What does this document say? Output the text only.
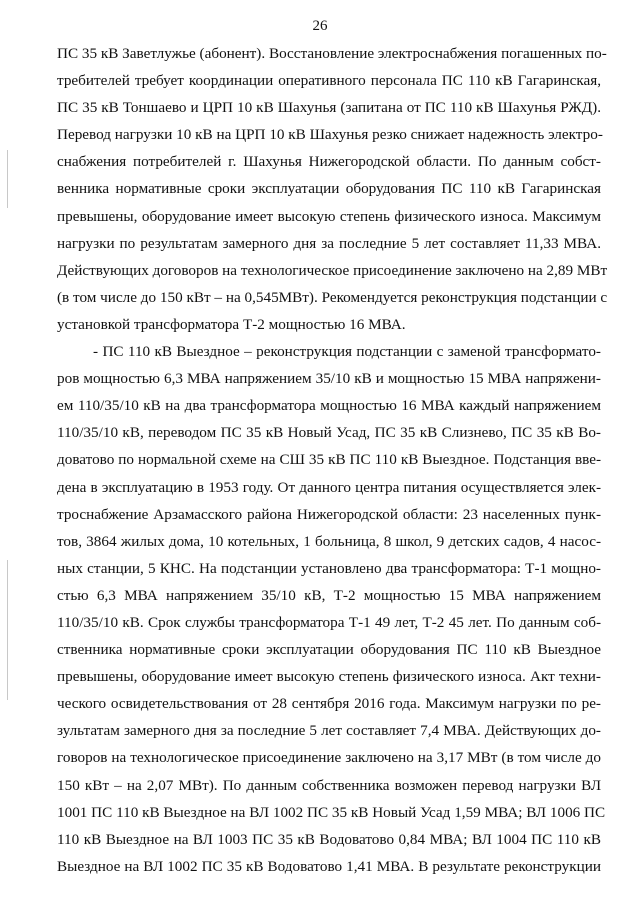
26
ПС 35 кВ Заветлужье (абонент). Восстановление электроснабжения погашенных по-
требителей требует координации оперативного персонала ПС 110 кВ Гагаринская,
ПС 35 кВ Тоншаево и ЦРП 10 кВ Шахунья (запитана от ПС 110 кВ Шахунья РЖД).
Перевод нагрузки 10 кВ на ЦРП 10 кВ Шахунья резко снижает надежность электро-
снабжения потребителей г. Шахунья Нижегородской области. По данным собст-
венника нормативные сроки эксплуатации оборудования ПС 110 кВ Гагаринская
превышены, оборудование имеет высокую степень физического износа. Максимум
нагрузки по результатам замерного дня за последние 5 лет составляет 11,33 МВА.
Действующих договоров на технологическое присоединение заключено на 2,89 МВт
(в том числе до 150 кВт – на 0,545МВт). Рекомендуется реконструкция подстанции с
установкой трансформатора Т-2 мощностью 16 МВА.
- ПС 110 кВ Выездное – реконструкция подстанции с заменой трансформато-
ров мощностью 6,3 МВА напряжением 35/10 кВ и мощностью 15 МВА напряжени-
ем 110/35/10 кВ на два трансформатора мощностью 16 МВА каждый напряжением
110/35/10 кВ, переводом ПС 35 кВ Новый Усад, ПС 35 кВ Слизнево, ПС 35 кВ Во-
доватово по нормальной схеме на СШ 35 кВ ПС 110 кВ Выездное. Подстанция вве-
дена в эксплуатацию в 1953 году. От данного центра питания осуществляется элек-
троснабжение Арзамасского района Нижегородской области: 23 населенных пунк-
тов, 3864 жилых дома, 10 котельных, 1 больница, 8 школ, 9 детских садов, 4 насос-
ных станции, 5 КНС. На подстанции установлено два трансформатора: Т-1 мощно-
стью 6,3 МВА напряжением 35/10 кВ, Т-2 мощностью 15 МВА напряжением
110/35/10 кВ. Срок службы трансформатора Т-1 49 лет, Т-2 45 лет. По данным соб-
ственника нормативные сроки эксплуатации оборудования ПС 110 кВ Выездное
превышены, оборудование имеет высокую степень физического износа. Акт техни-
ческого освидетельствования от 28 сентября 2016 года. Максимум нагрузки по ре-
зультатам замерного дня за последние 5 лет составляет 7,4 МВА. Действующих до-
говоров на технологическое присоединение заключено на 3,17 МВт (в том числе до
150 кВт – на 2,07 МВт). По данным собственника возможен перевод нагрузки ВЛ
1001 ПС 110 кВ Выездное на ВЛ 1002 ПС 35 кВ Новый Усад 1,59 МВА; ВЛ 1006 ПС
110 кВ Выездное на ВЛ 1003 ПС 35 кВ Водоватово 0,84 МВА; ВЛ 1004 ПС 110 кВ
Выездное на ВЛ 1002 ПС 35 кВ Водоватово 1,41 МВА. В результате реконструкции
